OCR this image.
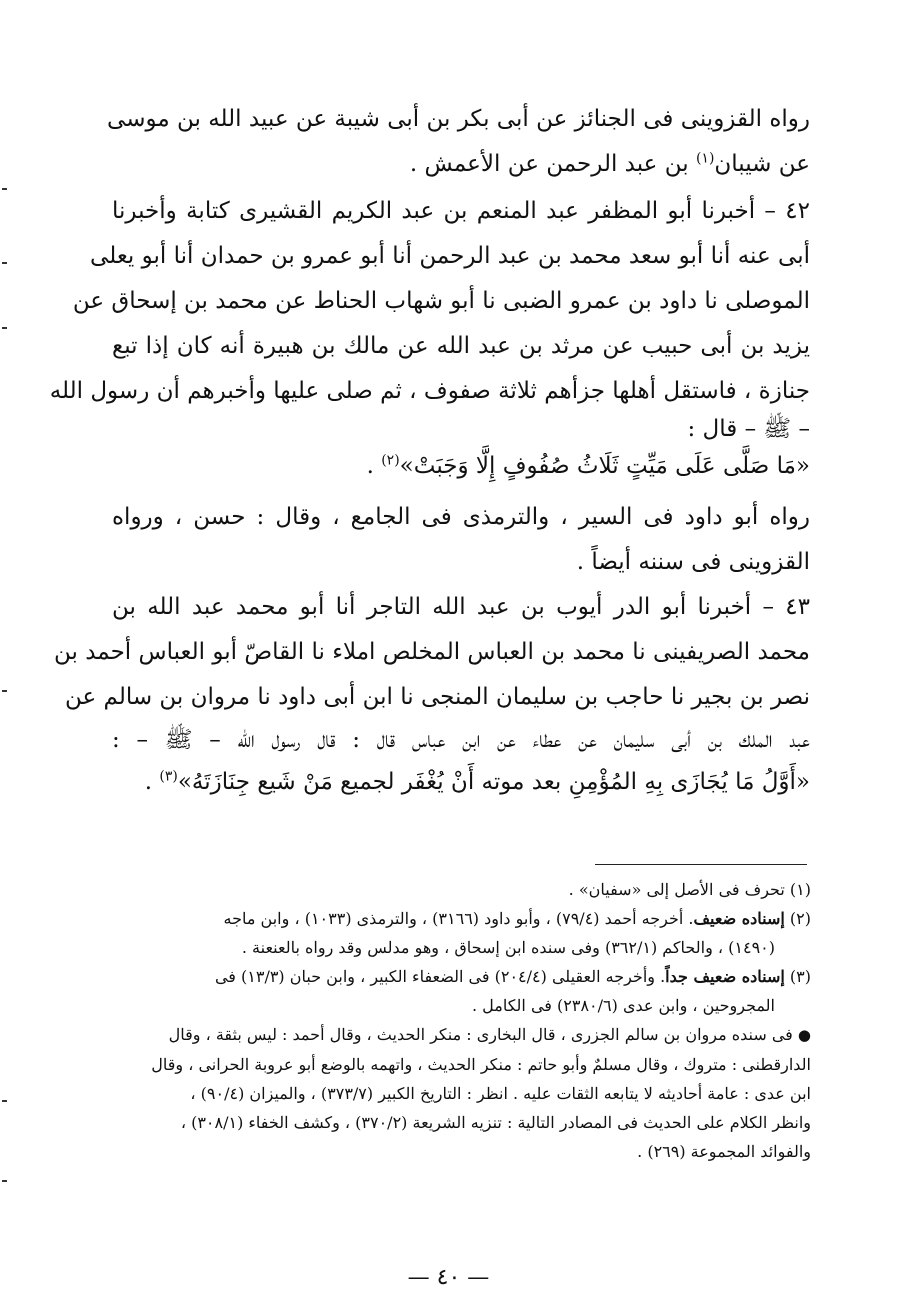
رواه القزوينى فى الجنائز عن أبى بكر بن أبى شيبة عن عبيد الله بن موسى
عن شيبان$^{(١)}$ بن عبد الرحمن عن الأعمش .
٤٢ – أخبرنا أبو المظفر عبد المنعم بن عبد الكريم القشيرى كتابة وأخبرنا
أبى عنه أنا أبو سعد محمد بن عبد الرحمن أنا أبو عمرو بن حمدان أنا أبو يعلى
الموصلى نا داود بن عمرو الضبى نا أبو شهاب الحناط عن محمد بن إسحاق عن
يزيد بن أبى حبيب عن مرثد بن عبد الله عن مالك بن هبيرة أنه كان إذا تبع
جنازة ، فاستقل أهلها جزأهم ثلاثة صفوف ، ثم صلى عليها وأخبرهم أن رسول الله
– ﷺ – قال :
«مَا صَلَّى عَلَى مَيِّتٍ ثَلَاثُ صُفُوفٍ إِلَّا وَجَبَتْ»$^{(٢)}$ .
رواه أبو داود فى السير ، والترمذى فى الجامع ، وقال : حسن ، ورواه
القزوينى فى سننه أيضاً .
٤٣ – أخبرنا أبو الدر أيوب بن عبد الله التاجر أنا أبو محمد عبد الله بن
محمد الصريفينى نا محمد بن العباس المخلص املاء نا القاصّ أبو العباس أحمد بن
نصر بن بجير نا حاجب بن سليمان المنجى نا ابن أبى داود نا مروان بن سالم عن
عبد الملك بن أبى سليمان عن عطاء عن ابن عباس قال : قال رسول الله – ﷺ – :
«أَوَّلُ مَا يُجَازَى بِهِ المُؤْمِنِ بعد موته أَنْ يُغْفَر لجميع مَنْ شَيع جِنَازَتَهُ»$^{(٣)}$ .
(١) تحرف فى الأصل إلى «سفيان» .
(٢) إسناده ضعيف. أخرجه أحمد (٧٩/٤) ، وأبو داود (٣١٦٦) ، والترمذى (١٠٣٣) ، وابن ماجه
(١٤٩٠) ، والحاكم (٣٦٢/١) وفى سنده ابن إسحاق ، وهو مدلس وقد رواه بالعنعنة .
(٣) إسناده ضعيف جداً. وأخرجه العقيلى (٢٠٤/٤) فى الضعفاء الكبير ، وابن حبان (١٣/٣) فى
المجروحين ، وابن عدى (٢٣٨٠/٦) فى الكامل .
● فى سنده مروان بن سالم الجزرى ، قال البخارى : منكر الحديث ، وقال أحمد : ليس بثقة ، وقال
الدارقطنى : متروك ، وقال مسلمٌ وأبو حاتم : منكر الحديث ، واتهمه بالوضع أبو عروبة الحرانى ، وقال
ابن عدى : عامة أحاديثه لا يتابعه الثقات عليه . انظر : التاريخ الكبير (٣٧٣/٧) ، والميزان (٩٠/٤) ،
وانظر الكلام على الحديث فى المصادر التالية : تنزيه الشريعة (٣٧٠/٢) ، وكشف الخفاء (٣٠٨/١) ،
والفوائد المجموعة (٢٦٩) .
— ٤٠ —
